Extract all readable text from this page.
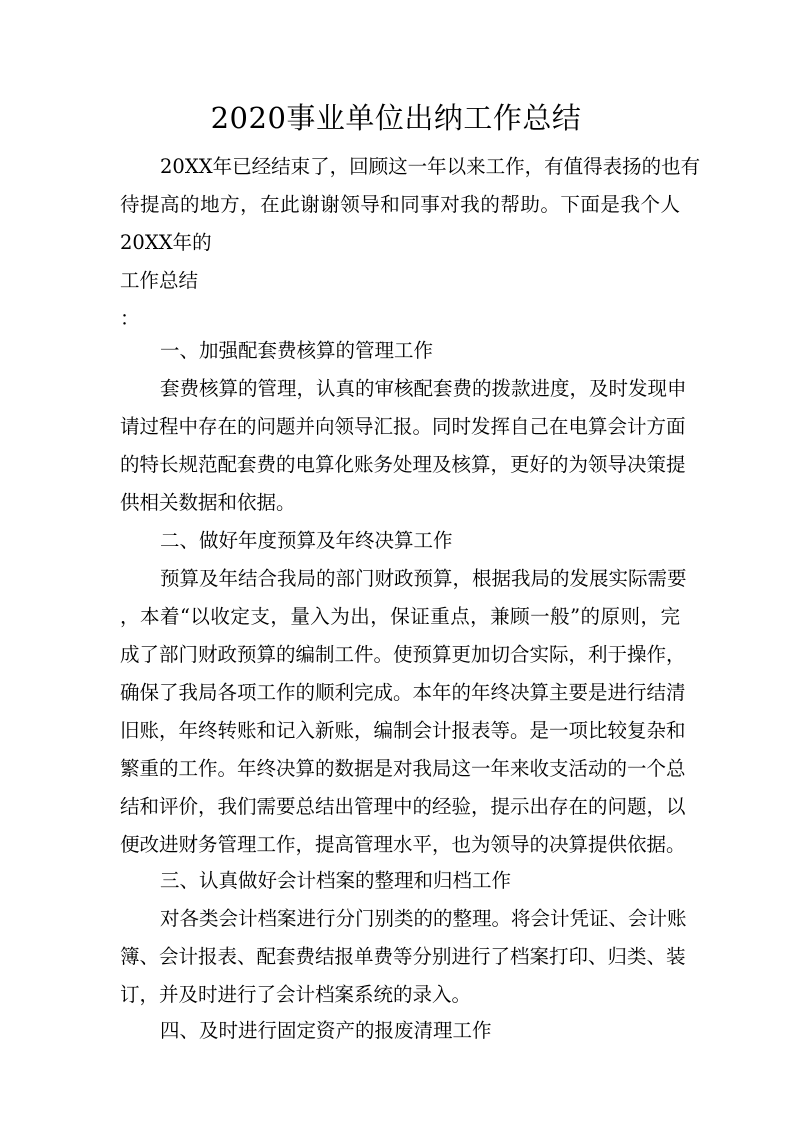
2020事业单位出纳工作总结

20XX年已经结束了，回顾这一年以来工作，有值得表扬的也有

待提高的地方，在此谢谢领导和同事对我的帮助。下面是我个人

20XX年的

工作总结

：

一、加强配套费核算的管理工作

套费核算的管理，认真的审核配套费的拨款进度，及时发现申

请过程中存在的问题并向领导汇报。同时发挥自己在电算会计方面

的特长规范配套费的电算化账务处理及核算，更好的为领导决策提

供相关数据和依据。

二、做好年度预算及年终决算工作

预算及年结合我局的部门财政预算，根据我局的发展实际需要

，本着“以收定支，量入为出，保证重点，兼顾一般”的原则，完

成了部门财政预算的编制工件。使预算更加切合实际，利于操作，

确保了我局各项工作的顺利完成。本年的年终决算主要是进行结清

旧账，年终转账和记入新账，编制会计报表等。是一项比较复杂和

繁重的工作。年终决算的数据是对我局这一年来收支活动的一个总

结和评价，我们需要总结出管理中的经验，提示出存在的问题，以

便改进财务管理工作，提高管理水平，也为领导的决算提供依据。

三、认真做好会计档案的整理和归档工作

对各类会计档案进行分门别类的的整理。将会计凭证、会计账

簿、会计报表、配套费结报单费等分别进行了档案打印、归类、装

订，并及时进行了会计档案系统的录入。

四、及时进行固定资产的报废清理工作
